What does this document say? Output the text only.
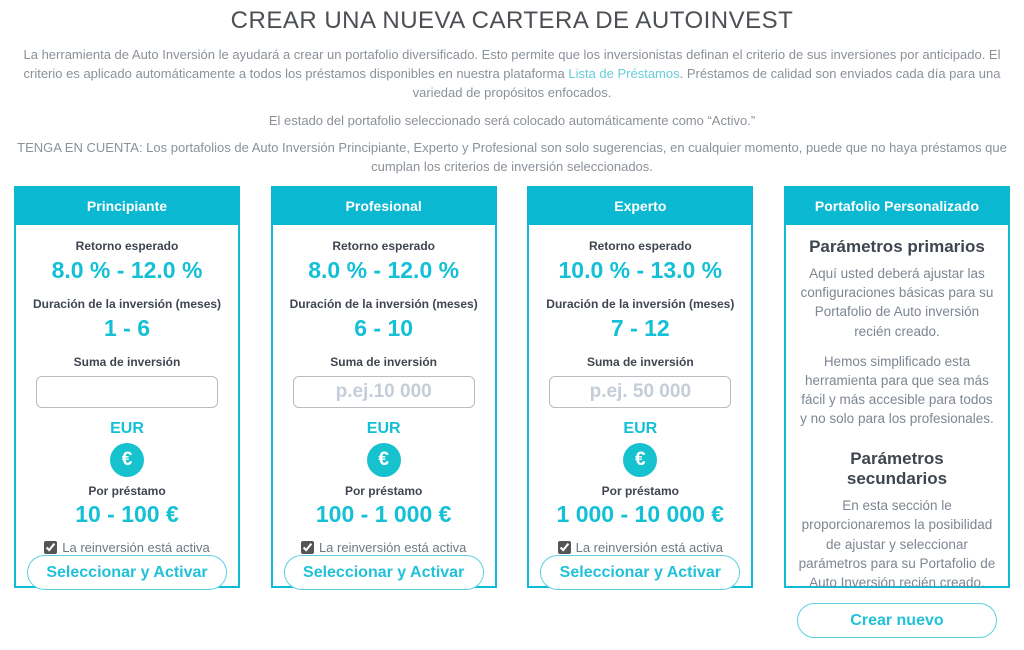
CREAR UNA NUEVA CARTERA DE AUTOINVEST

La herramienta de Auto Inversión le ayudará a crear un portafolio diversificado. Esto permite que los inversionistas definan el criterio de sus inversiones por anticipado. El criterio es aplicado automáticamente a todos los préstamos disponibles en nuestra plataforma Lista de Préstamos. Préstamos de calidad son enviados cada día para una variedad de propósitos enfocados.

El estado del portafolio seleccionado será colocado automáticamente como “Activo.”

TENGA EN CUENTA: Los portafolios de Auto Inversión Principiante, Experto y Profesional son solo sugerencias, en cualquier momento, puede que no haya préstamos que cumplan los criterios de inversión seleccionados.

Principiante
Retorno esperado
8.0 % - 12.0 %
Duración de la inversión (meses)
1 - 6
Suma de inversión
EUR
€
Por préstamo
10 - 100 €
La reinversión está activa
Seleccionar y Activar
Profesional
Retorno esperado
8.0 % - 12.0 %
Duración de la inversión (meses)
6 - 10
Suma de inversión
p.ej.10 000
EUR
€
Por préstamo
100 - 1 000 €
La reinversión está activa
Seleccionar y Activar
Experto
Retorno esperado
10.0 % - 13.0 %
Duración de la inversión (meses)
7 - 12
Suma de inversión
p.ej. 50 000
EUR
€
Por préstamo
1 000 - 10 000 €
La reinversión está activa
Seleccionar y Activar
Portafolio Personalizado
Parámetros primarios

Aquí usted deberá ajustar las configuraciones básicas para su Portafolio de Auto inversión recién creado.

Hemos simplificado esta herramienta para que sea más fácil y más accesible para todos y no solo para los profesionales.

Parámetros secundarios

En esta sección le proporcionaremos la posibilidad de ajustar y seleccionar parámetros para su Portafolio de Auto Inversión recién creado.

Crear nuevo
